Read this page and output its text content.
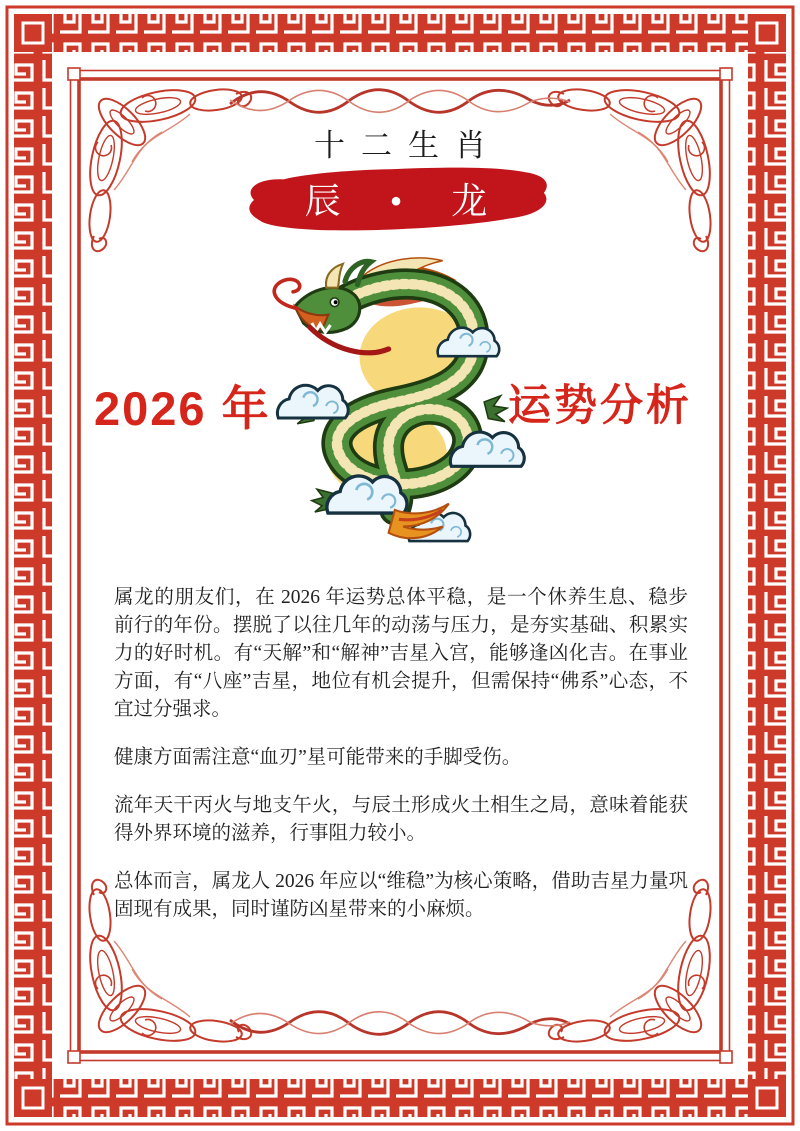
十二生肖
辰 • 龙
2026 年	运势分析

属龙的朋友们，在 2026 年运势总体平稳，是一个休养生息、稳步前行的年份。摆脱了以往几年的动荡与压力，是夯实基础、积累实力的好时机。有“天解”和“解神”吉星入宫，能够逢凶化吉。在事业方面，有“八座”吉星，地位有机会提升，但需保持“佛系”心态，不宜过分强求。

健康方面需注意“血刃”星可能带来的手脚受伤。

流年天干丙火与地支午火，与辰土形成火土相生之局，意味着能获得外界环境的滋养，行事阻力较小。

总体而言，属龙人 2026 年应以“维稳”为核心策略，借助吉星力量巩固现有成果，同时谨防凶星带来的小麻烦。
